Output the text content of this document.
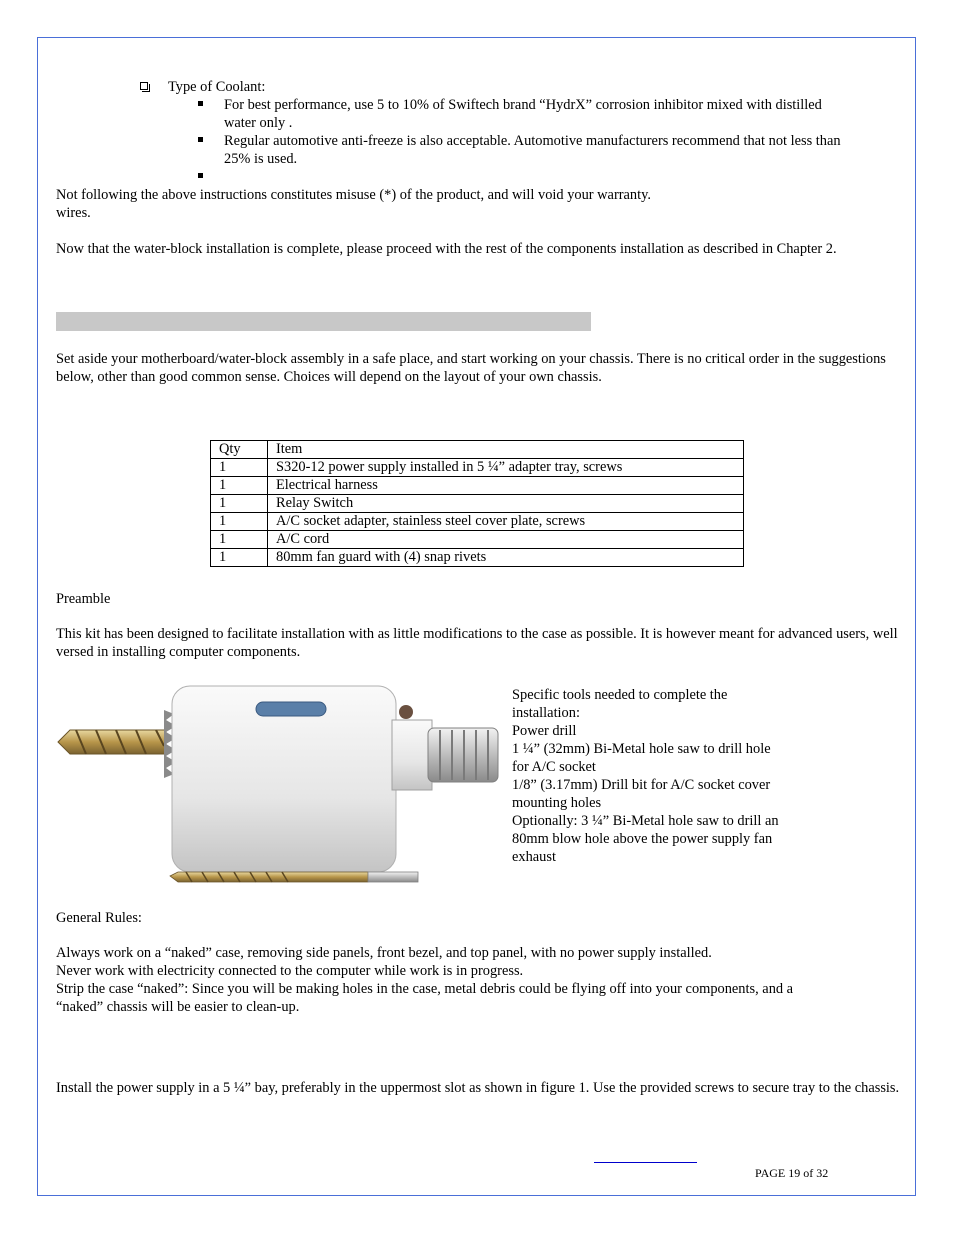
Type of Coolant:
For best performance, use 5 to 10% of Swiftech brand “HydrX” corrosion inhibitor mixed with distilled
water only .
Regular automotive anti-freeze is also acceptable. Automotive manufacturers recommend that not less than
25% is used.

Not following the above instructions constitutes misuse (*) of the product, and will void your warranty.

wires.

Now that the water-block installation is complete, please proceed with the rest of the components installation as described in Chapter 2.

Set aside your motherboard/water-block assembly in a safe place, and start working on your chassis. There is no critical order in the suggestions below, other than good common sense. Choices will depend on the layout of your own chassis.

Qty	Item
1	S320-12 power supply installed in 5 ¼” adapter tray, screws
1	Electrical harness
1	Relay Switch
1	A/C socket adapter, stainless steel cover plate, screws
1	A/C cord
1	80mm fan guard with (4) snap rivets

Preamble

This kit has been designed to facilitate installation with as little modifications to the case as possible. It is however meant for advanced users, well versed in installing computer components.

Specific tools needed to complete the
installation:
Power drill
1 ¼” (32mm) Bi-Metal hole saw to drill hole
for A/C socket
1/8” (3.17mm) Drill bit for A/C socket cover
mounting holes
Optionally: 3 ¼” Bi-Metal hole saw to drill an
80mm blow hole above the power supply fan
exhaust

General Rules:

Always work on a “naked” case, removing side panels, front bezel, and top panel, with no power supply installed.
Never work with electricity connected to the computer while work is in progress.
Strip the case “naked”: Since you will be making holes in the case, metal debris could be flying off into your components, and a
“naked” chassis will be easier to clean-up.

Install the power supply in a 5 ¼” bay, preferably in the uppermost slot as shown in figure 1. Use the provided screws to secure tray to the chassis.

PAGE 19 of 32
